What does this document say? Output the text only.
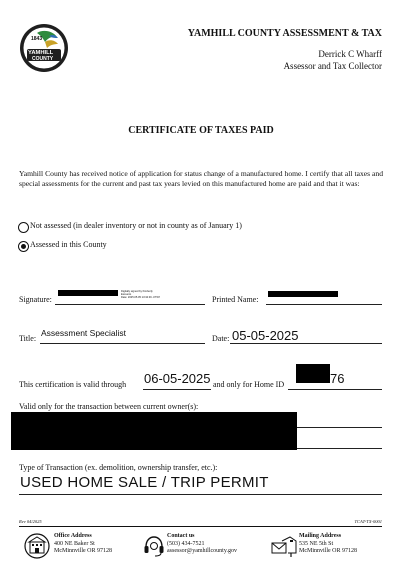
1843
YAMHILL
COUNTY
YAMHILL COUNTY ASSESSMENT & TAX
Derrick C Wharff
Assessor and Tax Collector
CERTIFICATE OF TAXES PAID
Yamhill County has received notice of application for status change of a manufactured home. I certify that all taxes and special assessments for the current and past tax years levied on this manufactured home are paid and that it was:
Not assessed (in dealer inventory or not in county as of January 1)
Assessed in this County
Signature:
Digitally signed by Kimberly
Escuerto
Date: 2025.05.05 13:34:46 -07'00'	Printed Name:
Title:
Assessment Specialist
Date: 05-05-2025
This certification is valid through 06-05-2025 and only for Home ID	76
Valid only for the transaction between current owner(s):
Type of Transaction (ex. demolition, ownership transfer, etc.):
USED HOME SALE / TRIP PERMIT
Rev 04/2025	TCAT-TX-0001
Office Address
400 NE Baker St
McMinnville OR 97128
Contact us
(503) 434-7521
assessor@yamhillcounty.gov
Mailing Address
535 NE 5th St
McMinnville OR 97128
